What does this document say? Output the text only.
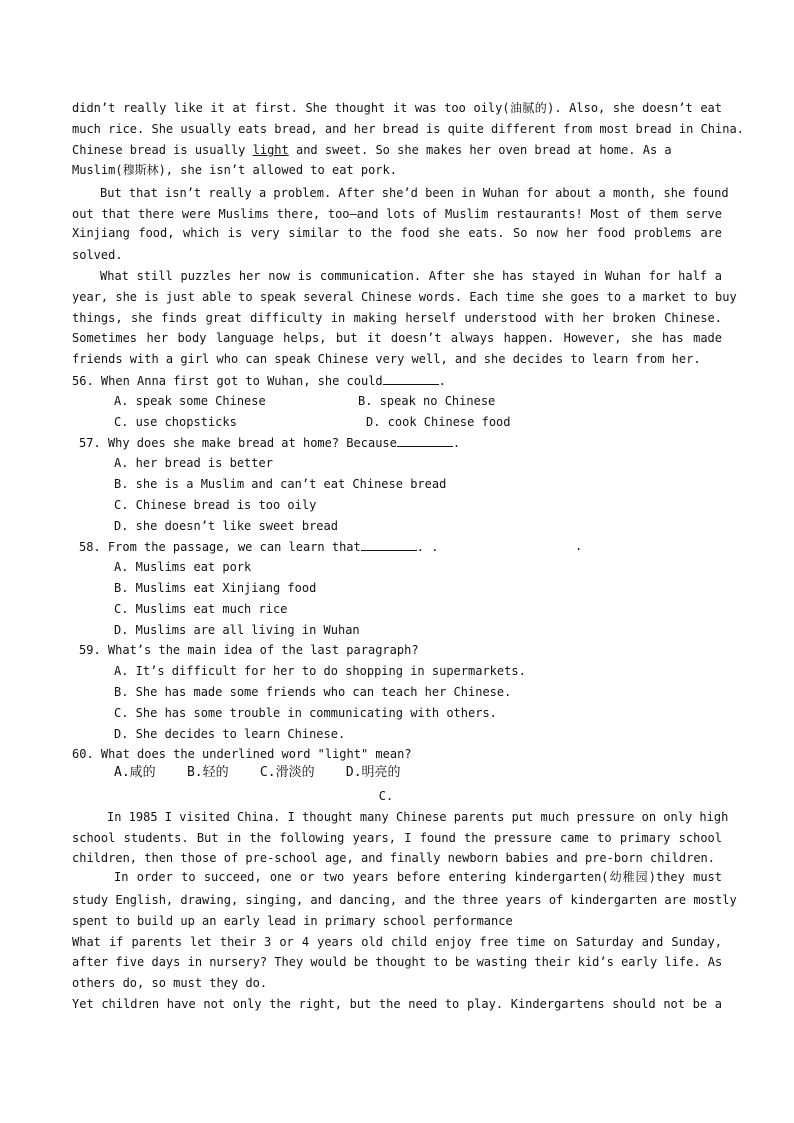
didn’t really like it at first. She thought it was too oily(油腻的). Also, she doesn’t eat
much rice. She usually eats bread, and her bread is quite different from most bread in China.
Chinese bread is usually light and sweet. So she makes her oven bread at home. As a
Muslim(穆斯林), she isn’t allowed to eat pork.
But that isn’t really a problem. After she’d been in Wuhan for about a month, she found
out that there were Muslims there, too—and lots of Muslim restaurants! Most of them serve
Xinjiang food, which is very similar to the food she eats. So now her food problems are
solved.
What still puzzles her now is communication. After she has stayed in Wuhan for half a
year, she is just able to speak several Chinese words. Each time she goes to a market to buy
things, she finds great difficulty in making herself understood with her broken Chinese.
Sometimes her body language helps, but it doesn’t always happen. However, she has made
friends with a girl who can speak Chinese very well, and she decides to learn from her.
56. When Anna first got to Wuhan, she could	.
A. speak some Chinese	B. speak no Chinese
C. use chopsticks	D. cook Chinese food
57. Why does she make bread at home? Because	.
A. her bread is better
B. she is a Muslim and can’t eat Chinese bread
C. Chinese bread is too oily
D. she doesn’t like sweet bread
58. From the passage, we can learn that	. .	.
A. Muslims eat pork
B. Muslims eat Xinjiang food
C. Muslims eat much rice
D. Muslims are all living in Wuhan
59. What’s the main idea of the last paragraph?
A. It’s difficult for her to do shopping in supermarkets.
B. She has made some friends who can teach her Chinese.
C. She has some trouble in communicating with others.
D. She decides to learn Chinese.
60. What does the underlined word "light" mean?
A.咸的    B.轻的    C.滑淡的    D.明亮的
C.
In 1985 I visited China. I thought many Chinese parents put much pressure on only high
school students. But in the following years, I found the pressure came to primary school
children, then those of pre-school age, and finally newborn babies and pre-born children.
In order to succeed, one or two years before entering kindergarten(幼稚园)they must
study English, drawing, singing, and dancing, and the three years of kindergarten are mostly
spent to build up an early lead in primary school performance
What if parents let their 3 or 4 years old child enjoy free time on Saturday and Sunday,
after five days in nursery? They would be thought to be wasting their kid’s early life. As
others do, so must they do.
Yet children have not only the right, but the need to play. Kindergartens should not be a
